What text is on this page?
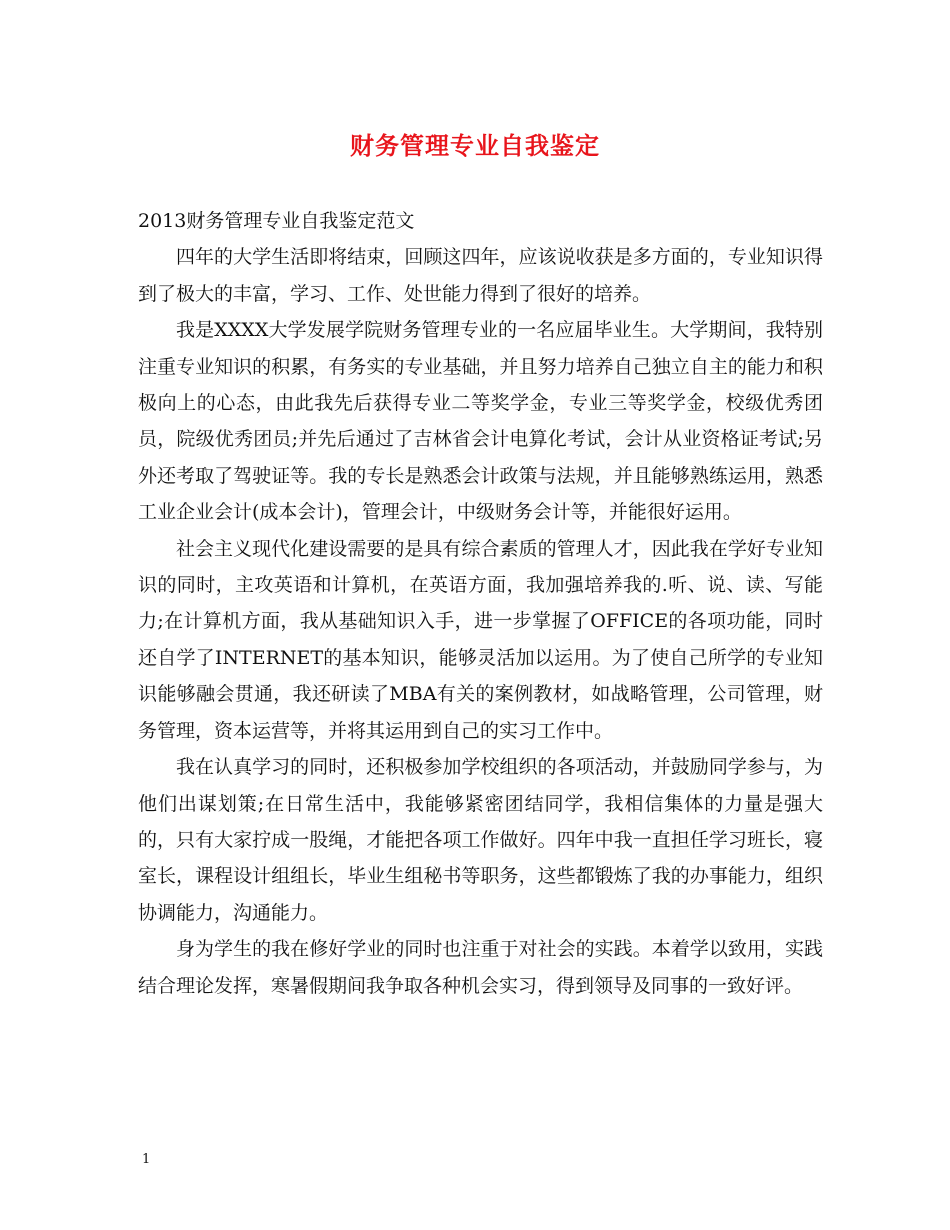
财务管理专业自我鉴定

2013财务管理专业自我鉴定范文

四年的大学生活即将结束，回顾这四年，应该说收获是多方面的，专业知识得到了极大的丰富，学习、工作、处世能力得到了很好的培养。

我是XXXX大学发展学院财务管理专业的一名应届毕业生。大学期间，我特别注重专业知识的积累，有务实的专业基础，并且努力培养自己独立自主的能力和积极向上的心态，由此我先后获得专业二等奖学金，专业三等奖学金，校级优秀团员，院级优秀团员;并先后通过了吉林省会计电算化考试，会计从业资格证考试;另外还考取了驾驶证等。我的专长是熟悉会计政策与法规，并且能够熟练运用，熟悉工业企业会计(成本会计)，管理会计，中级财务会计等，并能很好运用。

社会主义现代化建设需要的是具有综合素质的管理人才，因此我在学好专业知识的同时，主攻英语和计算机，在英语方面，我加强培养我的.听、说、读、写能力;在计算机方面，我从基础知识入手，进一步掌握了OFFICE的各项功能，同时还自学了INTERNET的基本知识，能够灵活加以运用。为了使自己所学的专业知识能够融会贯通，我还研读了MBA有关的案例教材，如战略管理，公司管理，财务管理，资本运营等，并将其运用到自己的实习工作中。

我在认真学习的同时，还积极参加学校组织的各项活动，并鼓励同学参与，为他们出谋划策;在日常生活中，我能够紧密团结同学，我相信集体的力量是强大的，只有大家拧成一股绳，才能把各项工作做好。四年中我一直担任学习班长，寝室长，课程设计组组长，毕业生组秘书等职务，这些都锻炼了我的办事能力，组织协调能力，沟通能力。

身为学生的我在修好学业的同时也注重于对社会的实践。本着学以致用，实践结合理论发挥，寒暑假期间我争取各种机会实习，得到领导及同事的一致好评。

1
